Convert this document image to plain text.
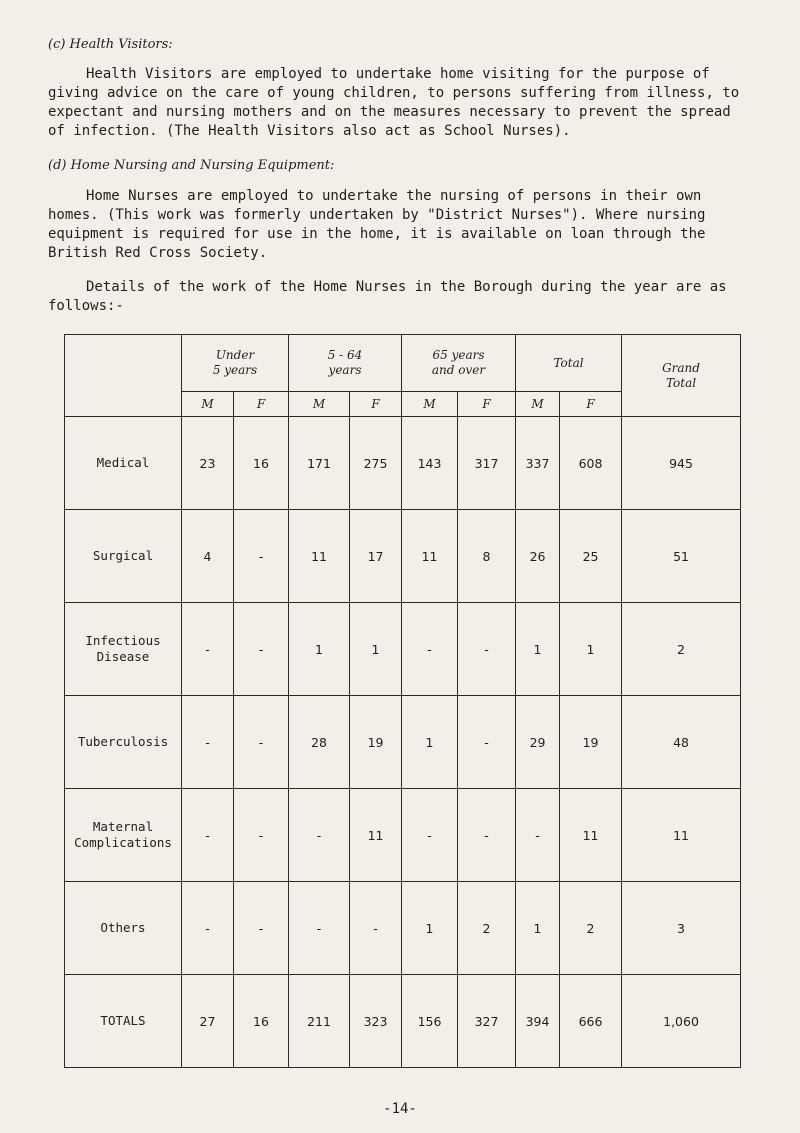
(c) Health Visitors:

Health Visitors are employed to undertake home visiting for the purpose of giving advice on the care of young children, to persons suffering from illness, to expectant and nursing mothers and on the measures necessary to prevent the spread of infection. (The Health Visitors also act as School Nurses).

(d) Home Nursing and Nursing Equipment:

Home Nurses are employed to undertake the nursing of persons in their own homes. (This work was formerly undertaken by "District Nurses"). Where nursing equipment is required for use in the home, it is available on loan through the British Red Cross Society.

Details of the work of the Home Nurses in the Borough during the year are as follows:-

	Under
5 years		5 - 64
years		65 years
and over		Total		Grand
Total
	M	F	M	F	M	F	M	F	
Medical	23	16	171	275	143	317	337	608	945
Surgical	4	-	11	17	11	8	26	25	51
Infectious
Disease	-	-	1	1	-	-	1	1	2
Tuberculosis	-	-	28	19	1	-	29	19	48
Maternal
Complications	-	-	-	11	-	-	-	11	11
Others	-	-	-	-	1	2	1	2	3
TOTALS	27	16	211	323	156	327	394	666	1,060
-14-
